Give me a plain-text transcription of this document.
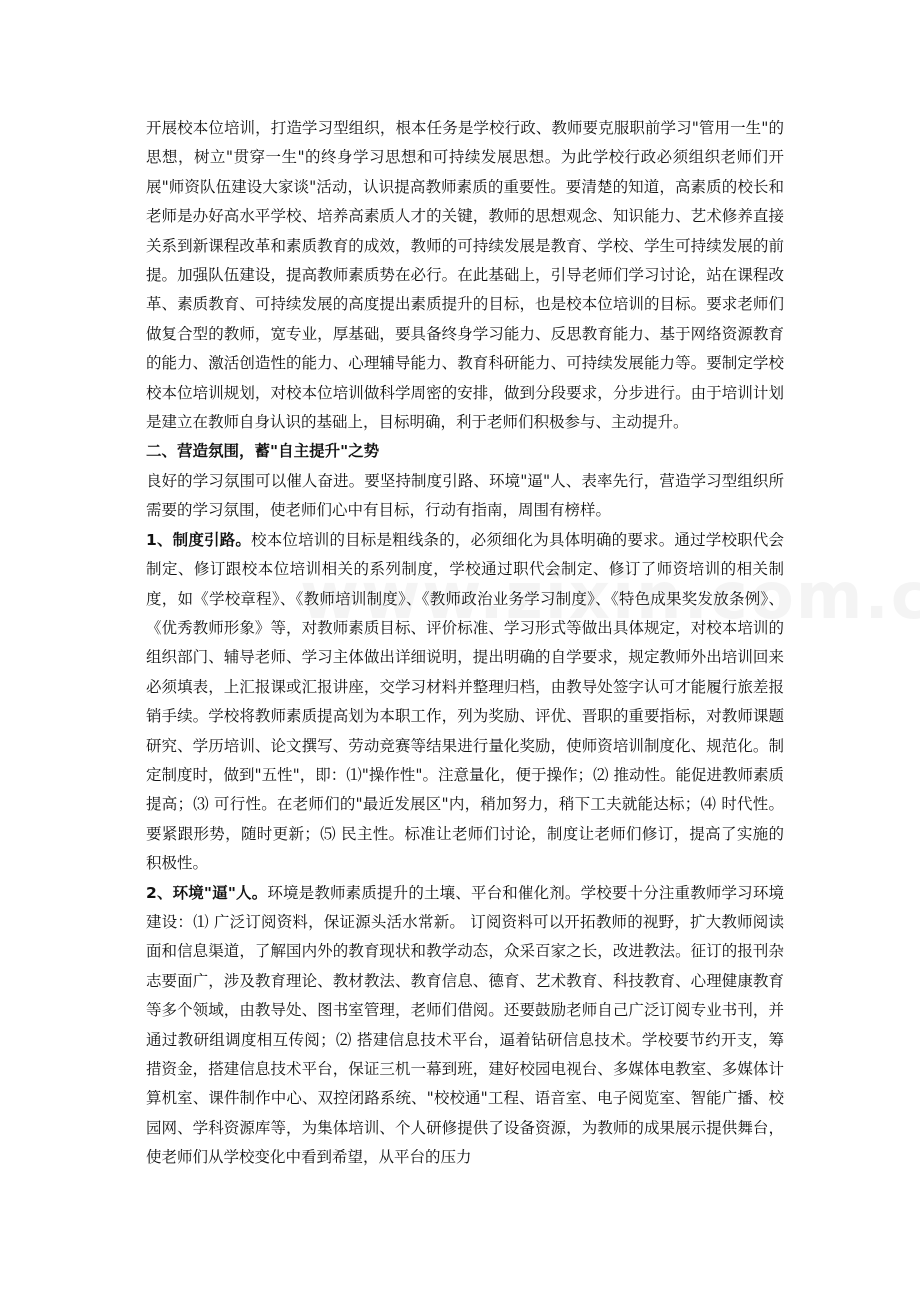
开展校本位培训，打造学习型组织，根本任务是学校行政、教师要克服职前学习"管用一生"的思想，树立"贯穿一生"的终身学习思想和可持续发展思想。为此学校行政必须组织老师们开展"师资队伍建设大家谈"活动，认识提高教师素质的重要性。要清楚的知道，高素质的校长和老师是办好高水平学校、培养高素质人才的关键，教师的思想观念、知识能力、艺术修养直接关系到新课程改革和素质教育的成效，教师的可持续发展是教育、学校、学生可持续发展的前提。加强队伍建设，提高教师素质势在必行。在此基础上，引导老师们学习讨论，站在课程改革、素质教育、可持续发展的高度提出素质提升的目标，也是校本位培训的目标。要求老师们做复合型的教师，宽专业，厚基础，要具备终身学习能力、反思教育能力、基于网络资源教育的能力、激活创造性的能力、心理辅导能力、教育科研能力、可持续发展能力等。要制定学校校本位培训规划，对校本位培训做科学周密的安排，做到分段要求，分步进行。由于培训计划是建立在教师自身认识的基础上，目标明确，利于老师们积极参与、主动提升。

二、营造氛围，蓄"自主提升"之势

良好的学习氛围可以催人奋进。要坚持制度引路、环境"逼"人、表率先行，营造学习型组织所需要的学习氛围，使老师们心中有目标，行动有指南，周围有榜样。

1、制度引路。校本位培训的目标是粗线条的，必须细化为具体明确的要求。通过学校职代会制定、修订跟校本位培训相关的系列制度，学校通过职代会制定、修订了师资培训的相关制度，如《学校章程》、《教师培训制度》、《教师政治业务学习制度》、《特色成果奖发放条例》、《优秀教师形象》等，对教师素质目标、评价标准、学习形式等做出具体规定，对校本培训的组织部门、辅导老师、学习主体做出详细说明，提出明确的自学要求，规定教师外出培训回来必须填表，上汇报课或汇报讲座，交学习材料并整理归档，由教导处签字认可才能履行旅差报销手续。学校将教师素质提高划为本职工作，列为奖励、评优、晋职的重要指标，对教师课题研究、学历培训、论文撰写、劳动竞赛等结果进行量化奖励，使师资培训制度化、规范化。制定制度时，做到"五性"，即：⑴"操作性"。注意量化，便于操作；⑵ 推动性。能促进教师素质提高；⑶ 可行性。在老师们的"最近发展区"内，稍加努力，稍下工夫就能达标；⑷ 时代性。要紧跟形势，随时更新；⑸ 民主性。标准让老师们讨论，制度让老师们修订，提高了实施的积极性。

2、环境"逼"人。环境是教师素质提升的土壤、平台和催化剂。学校要十分注重教师学习环境建设：⑴ 广泛订阅资料，保证源头活水常新。 订阅资料可以开拓教师的视野，扩大教师阅读面和信息渠道，了解国内外的教育现状和教学动态，众采百家之长，改进教法。征订的报刊杂志要面广，涉及教育理论、教材教法、教育信息、德育、艺术教育、科技教育、心理健康教育等多个领域，由教导处、图书室管理，老师们借阅。还要鼓励老师自己广泛订阅专业书刊，并通过教研组调度相互传阅；⑵ 搭建信息技术平台，逼着钻研信息技术。学校要节约开支，筹措资金，搭建信息技术平台，保证三机一幕到班，建好校园电视台、多媒体电教室、多媒体计算机室、课件制作中心、双控闭路系统、"校校通"工程、语音室、电子阅览室、智能广播、校园网、学科资源库等，为集体培训、个人研修提供了设备资源，为教师的成果展示提供舞台，使老师们从学校变化中看到希望，从平台的压力
